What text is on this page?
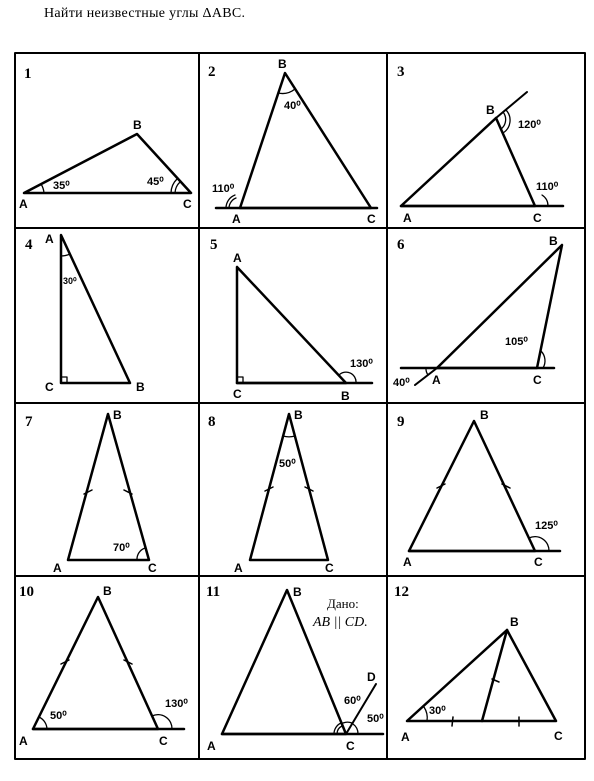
Найти неизвестные углы ΔABC.
1
A
B
C
35⁰	45⁰
2
A
B
C
40⁰
110⁰
3
A
B
C
120⁰
110⁰
4 A
B
C
30⁰
5
A
B
C
130⁰
6
A
B
C
105⁰
40⁰
7
A
B
C
70⁰
8
A
B
C
50⁰
9
A
B
C
125⁰
10
A
B
C
50⁰
130⁰
11
A
B
C
D
60⁰
50⁰
Дано:
AB || CD.
12
A
B
C
30⁰
